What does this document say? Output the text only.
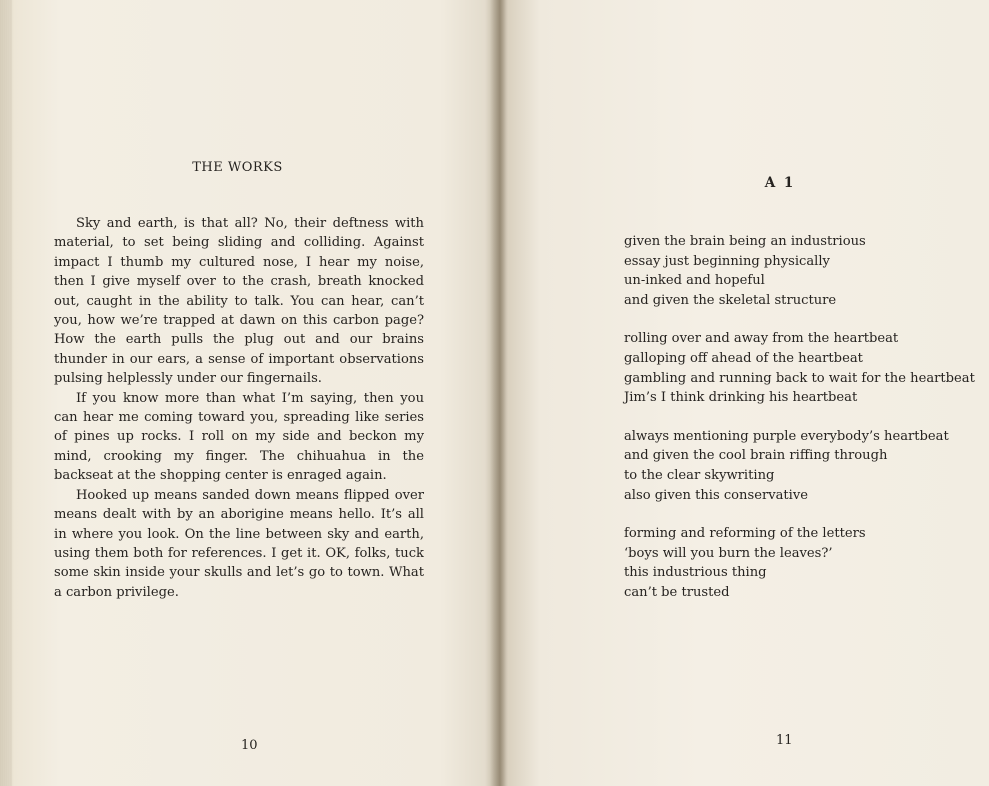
THE WORKS

Sky and earth, is that all? No, their deftness with material, to set being sliding and colliding. Against impact I thumb my cultured nose, I hear my noise, then I give myself over to the crash, breath knocked out, caught in the ability to talk. You can hear, can’t you, how we’re trapped at dawn on this carbon page? How the earth pulls the plug out and our brains thunder in our ears, a sense of important observations pulsing helplessly under our fingernails.

If you know more than what I’m saying, then you can hear me coming toward you, spreading like series of pines up rocks. I roll on my side and beckon my mind, crooking my finger. The chihuahua in the backseat at the shopping center is enraged again.

Hooked up means sanded down means flipped over means dealt with by an aborigine means hello. It’s all in where you look. On the line between sky and earth, using them both for references. I get it. OK, folks, tuck some skin inside your skulls and let’s go to town. What a carbon privilege.

10
A 1
given the brain being an industrious
essay just beginning physically
un-inked and hopeful
and given the skeletal structure
rolling over and away from the heartbeat
galloping off ahead of the heartbeat
gambling and running back to wait for the heartbeat
Jim’s I think drinking his heartbeat
always mentioning purple everybody’s heartbeat
and given the cool brain riffing through
to the clear skywriting
also given this conservative
forming and reforming of the letters
‘boys will you burn the leaves?’
this industrious thing
can’t be trusted
11
